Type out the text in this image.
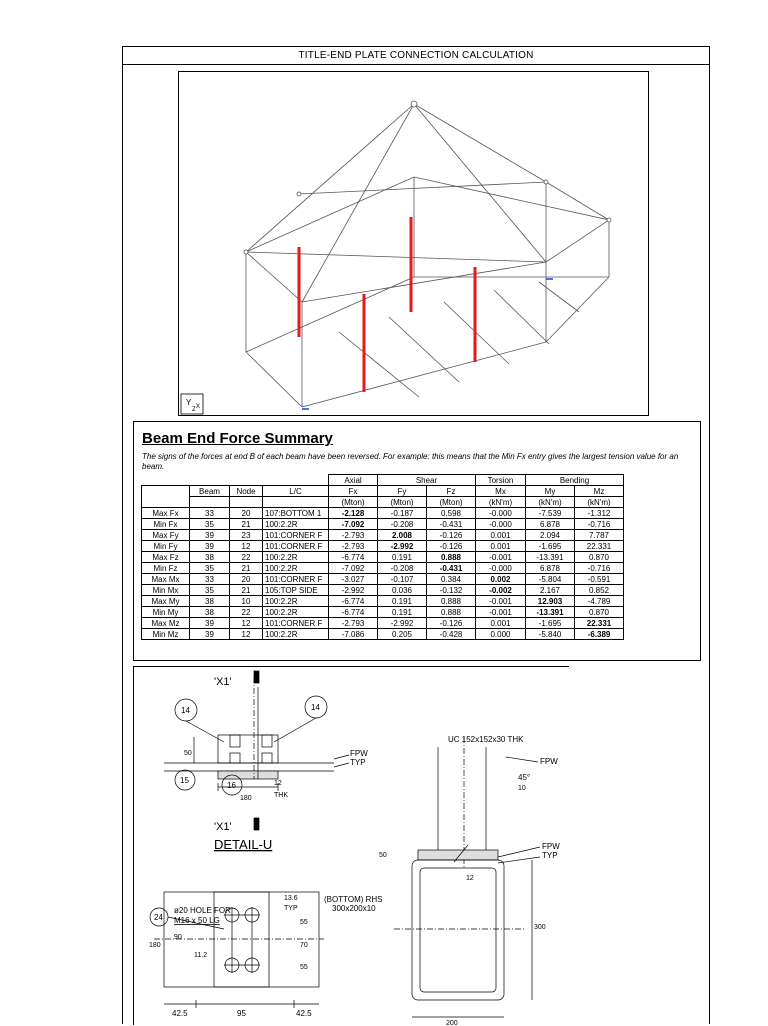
TITLE-END PLATE CONNECTION CALCULATION
Y
Z X
Beam End Force Summary
The signs of the forces at end B of each beam have been reversed. For example: this means that the Min Fx entry gives the largest tension value for an beam.
				Axial	Shear		Torsion	Bending	
	Beam	Node	L/C	Fx	Fy	Fz	Mx	My	Mz
				(Mton)	(Mton)	(Mton)	(kN'm)	(kN'm)	(kN'm)
Max Fx	33	20	107:BOTTOM 1	-2.128	-0.187	0.598	-0.000	-7.539	-1.312
Min Fx	35	21	100:2.2R	-7.092	-0.208	-0.431	-0.000	6.878	-0.716
Max Fy	39	23	101:CORNER F	-2.793	2.008	-0.126	0.001	2.094	7.787
Min Fy	39	12	101:CORNER F	-2.793	-2.992	-0.126	0.001	-1.695	22.331
Max Fz	38	22	100:2.2R	-6.774	0.191	0.888	-0.001	-13.391	0.870
Min Fz	35	21	100:2.2R	-7.092	-0.208	-0.431	-0.000	6.878	-0.716
Max Mx	33	20	101:CORNER F	-3.027	-0.107	0.384	0.002	-5.804	-0.591
Min Mx	35	21	105:TOP SIDE	-2.992	0.036	-0.132	-0.002	2.167	0.852
Max My	38	10	100:2.2R	-6.774	0.191	0.888	-0.001	12.903	-4.789
Min My	38	22	100:2.2R	-6.774	0.191	0.888	-0.001	-13.391	0.870
Max Mz	39	12	101:CORNER F	-2.793	-2.992	-0.126	0.001	-1.695	22.331
Min Mz	39	12	100:2.2R	-7.086	0.205	-0.428	0.000	-5.840	-6.389
'X1'
'X1'
DETAIL-U
14	14
15
16
24
THK
50
12
180
FPW
TYP
UC 152x152x30 THK
FPW
45°
10
FPW
TYP
50
12
(BOTTOM) RHS
300x200x10
300
200
ø20 HOLE FOR
M16 x 50 LG
13.6
TYP
180
90
11.2
55
70
55
42.5	95	42.5
